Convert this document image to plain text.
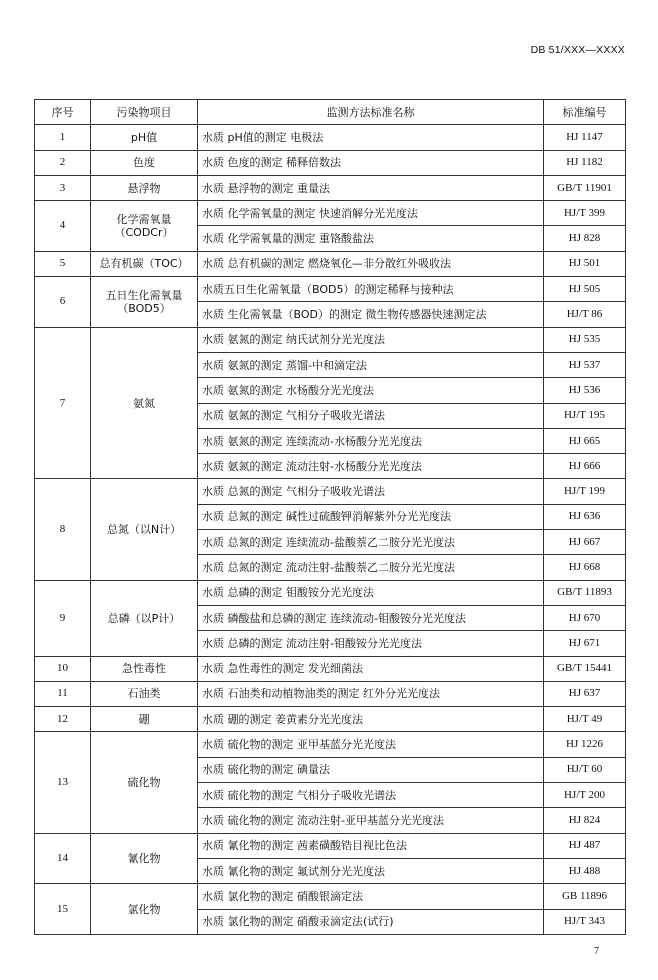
DB 51/XXX—XXXX
序号	污染物项目	监测方法标准名称	标准编号
1	pH值	水质 pH值的测定 电极法	HJ 1147
2	色度	水质 色度的测定 稀释倍数法	HJ 1182
3	悬浮物	水质 悬浮物的测定 重量法	GB/T 11901
4	化学需氧量（CODCr）	水质 化学需氧量的测定 快速消解分光光度法	HJ/T 399
		水质 化学需氧量的测定 重铬酸盐法	HJ 828
5	总有机碳（TOC）	水质 总有机碳的测定 燃烧氧化—非分散红外吸收法	HJ 501
6	五日生化需氧量（BOD5）	水质五日生化需氧量（BOD5）的测定稀释与接种法	HJ 505
		水质 生化需氧量（BOD）的测定 微生物传感器快速测定法	HJ/T 86
7	氨氮	水质 氨氮的测定 纳氏试剂分光光度法	HJ 535
		水质 氨氮的测定 蒸馏-中和滴定法	HJ 537
		水质 氨氮的测定 水杨酸分光光度法	HJ 536
		水质 氨氮的测定 气相分子吸收光谱法	HJ/T 195
		水质 氨氮的测定 连续流动-水杨酸分光光度法	HJ 665
		水质 氨氮的测定 流动注射-水杨酸分光光度法	HJ 666
8	总氮（以N计）	水质 总氮的测定 气相分子吸收光谱法	HJ/T 199
		水质 总氮的测定 碱性过硫酸钾消解紫外分光光度法	HJ 636
		水质 总氮的测定 连续流动-盐酸萘乙二胺分光光度法	HJ 667
		水质 总氮的测定 流动注射-盐酸萘乙二胺分光光度法	HJ 668
9	总磷（以P计）	水质 总磷的测定 钼酸铵分光光度法	GB/T 11893
		水质 磷酸盐和总磷的测定 连续流动-钼酸铵分光光度法	HJ 670
		水质 总磷的测定 流动注射-钼酸铵分光光度法	HJ 671
10	急性毒性	水质 急性毒性的测定 发光细菌法	GB/T 15441
11	石油类	水质 石油类和动植物油类的测定 红外分光光度法	HJ 637
12	硼	水质 硼的测定 姜黄素分光光度法	HJ/T 49
13	硫化物	水质 硫化物的测定 亚甲基蓝分光光度法	HJ 1226
		水质 硫化物的测定 碘量法	HJ/T 60
		水质 硫化物的测定 气相分子吸收光谱法	HJ/T 200
		水质 硫化物的测定 流动注射-亚甲基蓝分光光度法	HJ 824
14	氰化物	水质 氰化物的测定 茜素磺酸锆目视比色法	HJ 487
		水质 氰化物的测定 氟试剂分光光度法	HJ 488
15	氯化物	水质 氯化物的测定 硝酸银滴定法	GB 11896
		水质 氯化物的测定 硝酸汞滴定法(试行)	HJ/T 343
7
